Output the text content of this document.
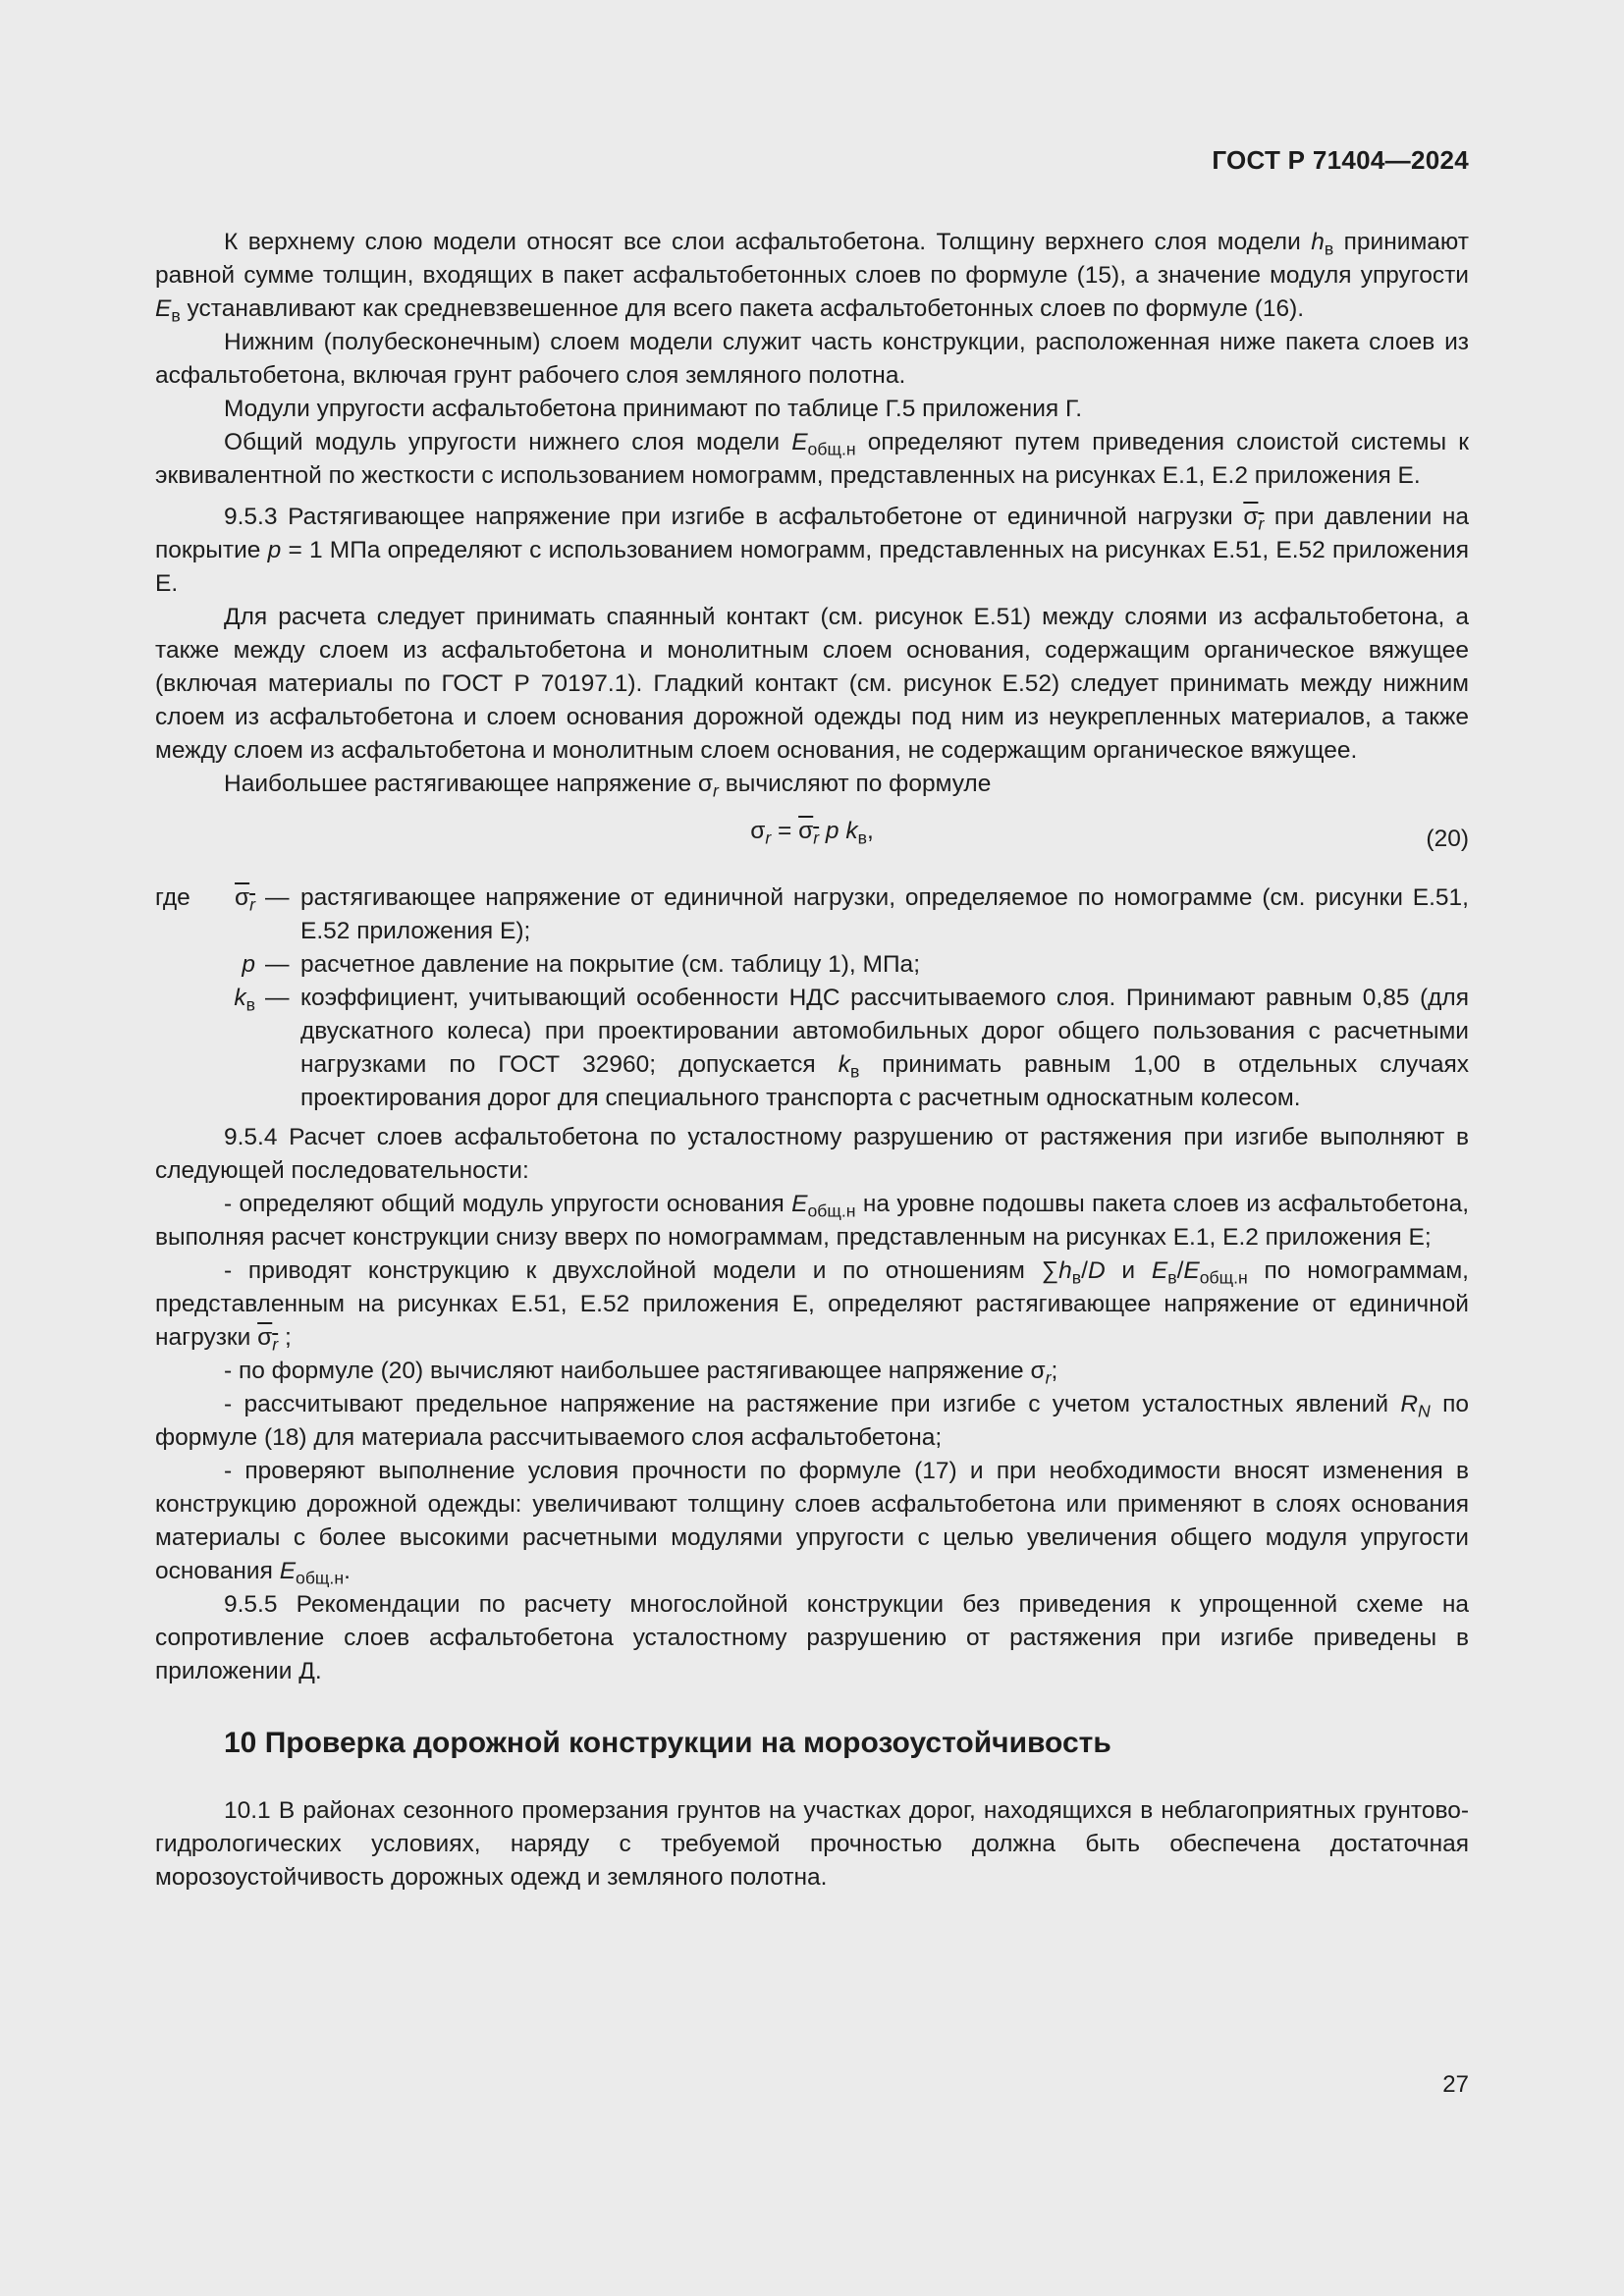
ГОСТ Р 71404—2024

К верхнему слою модели относят все слои асфальтобетона. Толщину верхнего слоя модели $h_в$ принимают равной сумме толщин, входящих в пакет асфальтобетонных слоев по формуле (15), а значение модуля упругости $E_в$ устанавливают как средневзвешенное для всего пакета асфальтобетонных слоев по формуле (16).

Нижним (полубесконечным) слоем модели служит часть конструкции, расположенная ниже пакета слоев из асфальтобетона, включая грунт рабочего слоя земляного полотна.

Модули упругости асфальтобетона принимают по таблице Г.5 приложения Г.

Общий модуль упругости нижнего слоя модели $E_{общ.н}$ определяют путем приведения слоистой системы к эквивалентной по жесткости с использованием номограмм, представленных на рисунках Е.1, Е.2 приложения Е.

9.5.3 Растягивающее напряжение при изгибе в асфальтобетоне от единичной нагрузки $\sigma_r$ при давлении на покрытие p = 1 МПа определяют с использованием номограмм, представленных на рисунках Е.51, Е.52 приложения Е.

Для расчета следует принимать спаянный контакт (см. рисунок Е.51) между слоями из асфальтобетона, а также между слоем из асфальтобетона и монолитным слоем основания, содержащим органическое вяжущее (включая материалы по ГОСТ Р 70197.1). Гладкий контакт (см. рисунок Е.52) следует принимать между нижним слоем из асфальтобетона и слоем основания дорожной одежды под ним из неукрепленных материалов, а также между слоем из асфальтобетона и монолитным слоем основания, не содержащим органическое вяжущее.

Наибольшее растягивающее напряжение $\sigma_r$ вычисляют по формуле

$\sigma_r = \sigma_r$ p $k_в$,	(20)
где $\sigma_r$ — растягивающее напряжение от единичной нагрузки, определяемое по номограмме (см. рисунки Е.51, Е.52 приложения Е);
p — расчетное давление на покрытие (см. таблицу 1), МПа;
$k_в$ — коэффициент, учитывающий особенности НДС рассчитываемого слоя. Принимают равным 0,85 (для двускатного колеса) при проектировании автомобильных дорог общего пользования с расчетными нагрузками по ГОСТ 32960; допускается $k_в$ принимать равным 1,00 в отдельных случаях проектирования дорог для специального транспорта с расчетным односкатным колесом.

9.5.4 Расчет слоев асфальтобетона по усталостному разрушению от растяжения при изгибе выполняют в следующей последовательности:

- определяют общий модуль упругости основания $E_{общ.н}$ на уровне подошвы пакета слоев из асфальтобетона, выполняя расчет конструкции снизу вверх по номограммам, представленным на рисунках Е.1, Е.2 приложения Е;

- приводят конструкцию к двухслойной модели и по отношениям $\sum h_в/D$ и $E_в/E_{общ.н}$ по номограммам, представленным на рисунках Е.51, Е.52 приложения Е, определяют растягивающее напряжение от единичной нагрузки $\sigma_r$ ;

- по формуле (20) вычисляют наибольшее растягивающее напряжение $\sigma_r$;

- рассчитывают предельное напряжение на растяжение при изгибе с учетом усталостных явлений $R_N$ по формуле (18) для материала рассчитываемого слоя асфальтобетона;

- проверяют выполнение условия прочности по формуле (17) и при необходимости вносят изменения в конструкцию дорожной одежды: увеличивают толщину слоев асфальтобетона или применяют в слоях основания материалы с более высокими расчетными модулями упругости с целью увеличения общего модуля упругости основания $E_{общ.н}$.

9.5.5 Рекомендации по расчету многослойной конструкции без приведения к упрощенной схеме на сопротивление слоев асфальтобетона усталостному разрушению от растяжения при изгибе приведены в приложении Д.

10 Проверка дорожной конструкции на морозоустойчивость

10.1 В районах сезонного промерзания грунтов на участках дорог, находящихся в неблагоприятных грунтово-гидрологических условиях, наряду с требуемой прочностью должна быть обеспечена достаточная морозоустойчивость дорожных одежд и земляного полотна.

27
